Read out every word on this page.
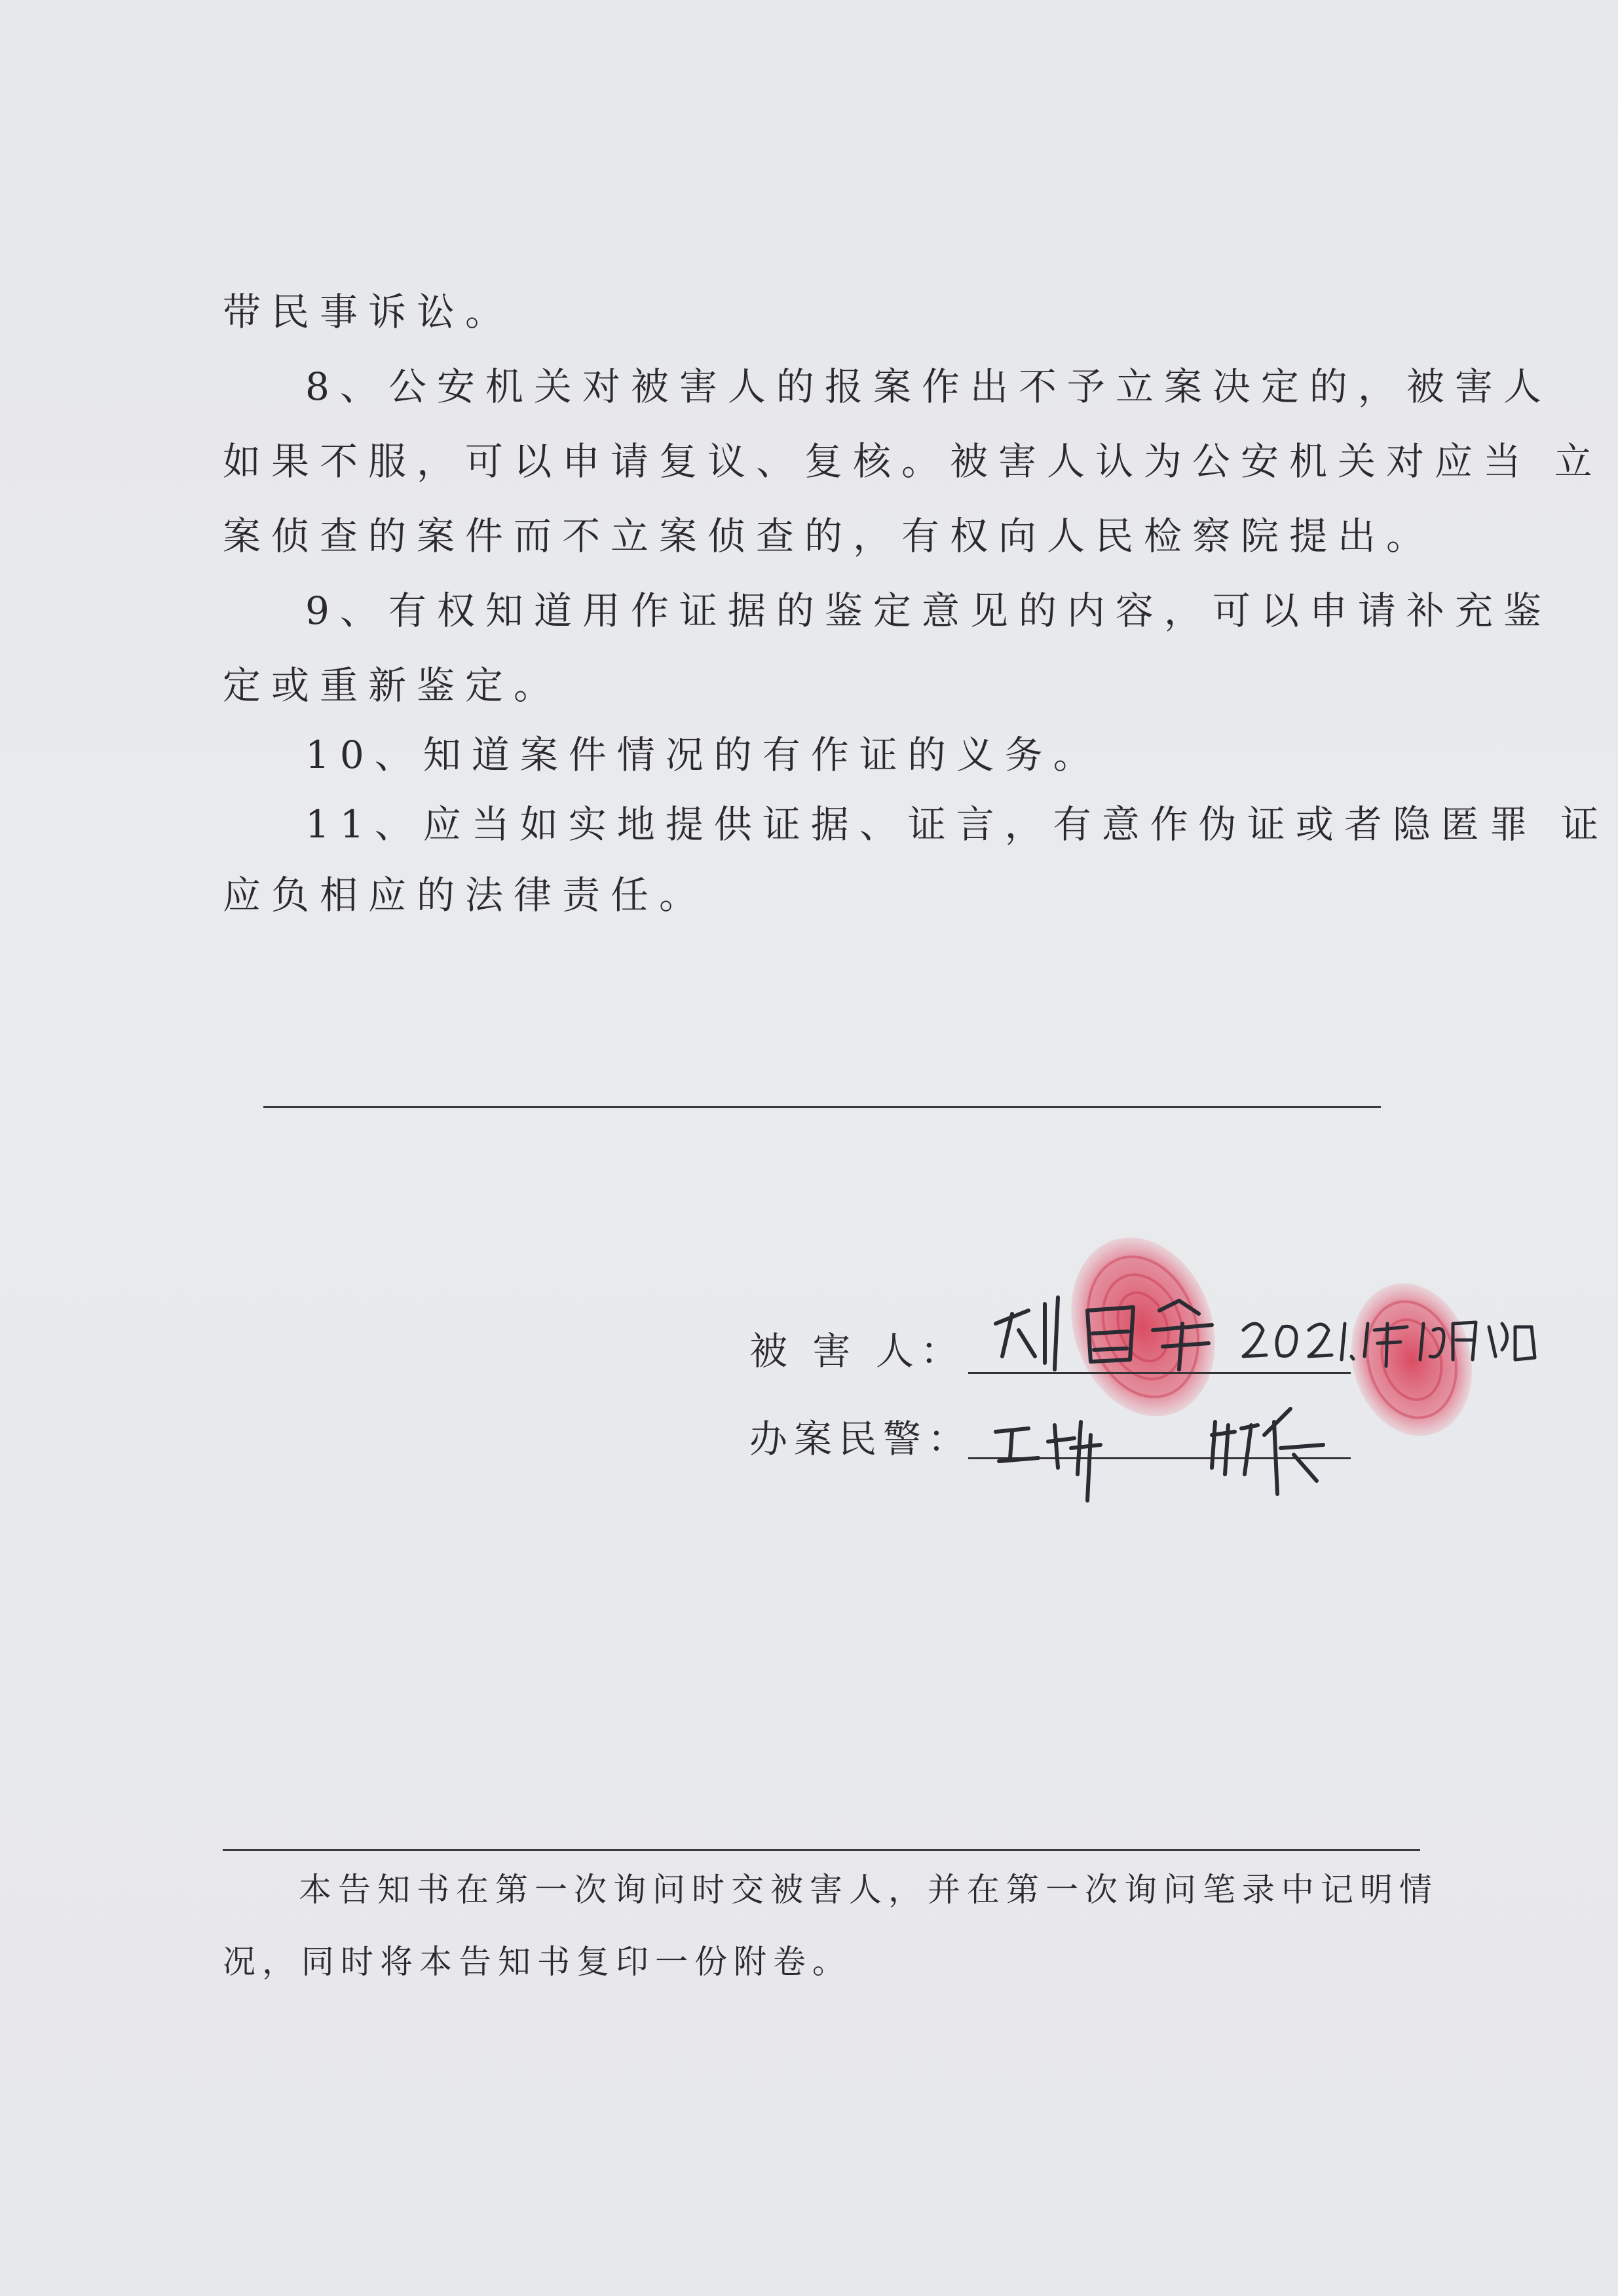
带民事诉讼。
8、公安机关对被害人的报案作出不予立案决定的，被害人
如果不服，可以申请复议、复核。被害人认为公安机关对应当 立
案侦查的案件而不立案侦查的，有权向人民检察院提出。
9、有权知道用作证据的鉴定意见的内容，可以申请补充鉴
定或重新鉴定。
10、知道案件情况的有作证的义务。
11、应当如实地提供证据、证言，有意作伪证或者隐匿罪 证
应负相应的法律责任。
被 害 人：
办案民警：
本告知书在第一次询问时交被害人，并在第一次询问笔录中记明情
况，同时将本告知书复印一份附卷。
